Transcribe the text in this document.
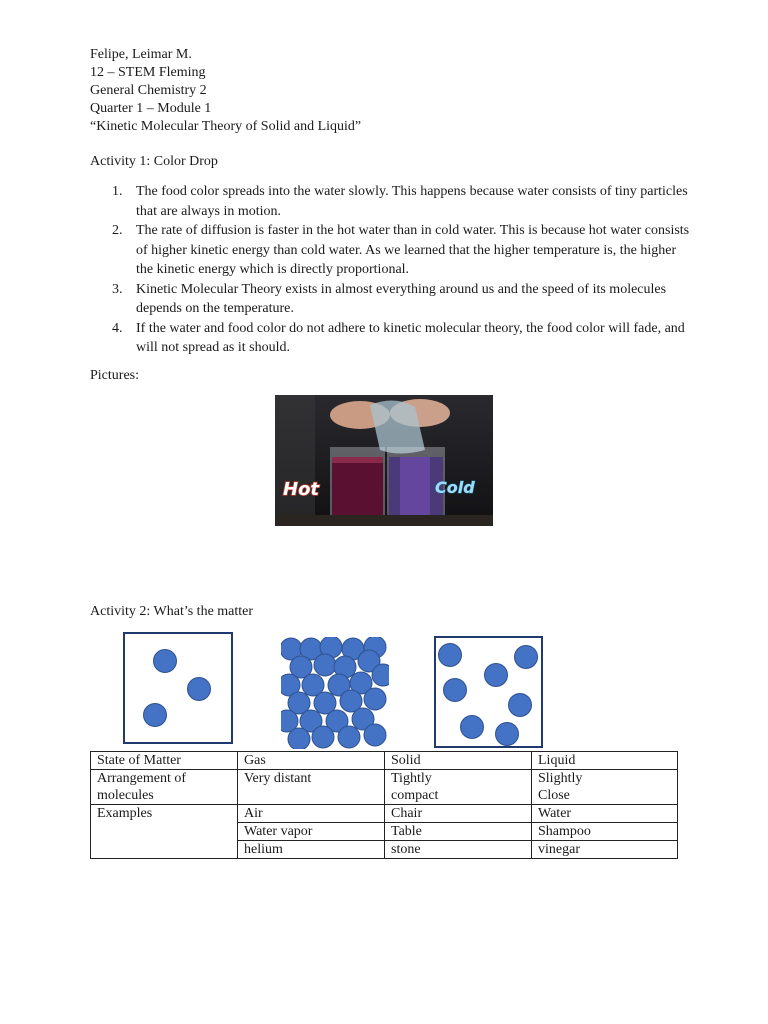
Felipe, Leimar M.
12 – STEM Fleming
General Chemistry 2
Quarter 1 – Module 1
“Kinetic Molecular Theory of Solid and Liquid”
Activity 1: Color Drop
1. The food color spreads into the water slowly. This happens because water consists of tiny particles that are always in motion.
2. The rate of diffusion is faster in the hot water than in cold water. This is because hot water consists of higher kinetic energy than cold water. As we learned that the higher temperature is, the higher the kinetic energy which is directly proportional.
3. Kinetic Molecular Theory exists in almost everything around us and the speed of its molecules depends on the temperature.
4. If the water and food color do not adhere to kinetic molecular theory, the food color will fade, and will not spread as it should.
Pictures:
Hot	Cold
Activity 2: What’s the matter
State of Matter	Gas	Solid	Liquid
Arrangement of molecules	Very distant	Tightly compact	Slightly Close
Examples	Air	Chair	Water
	Water vapor	Table	Shampoo
	helium	stone	vinegar
